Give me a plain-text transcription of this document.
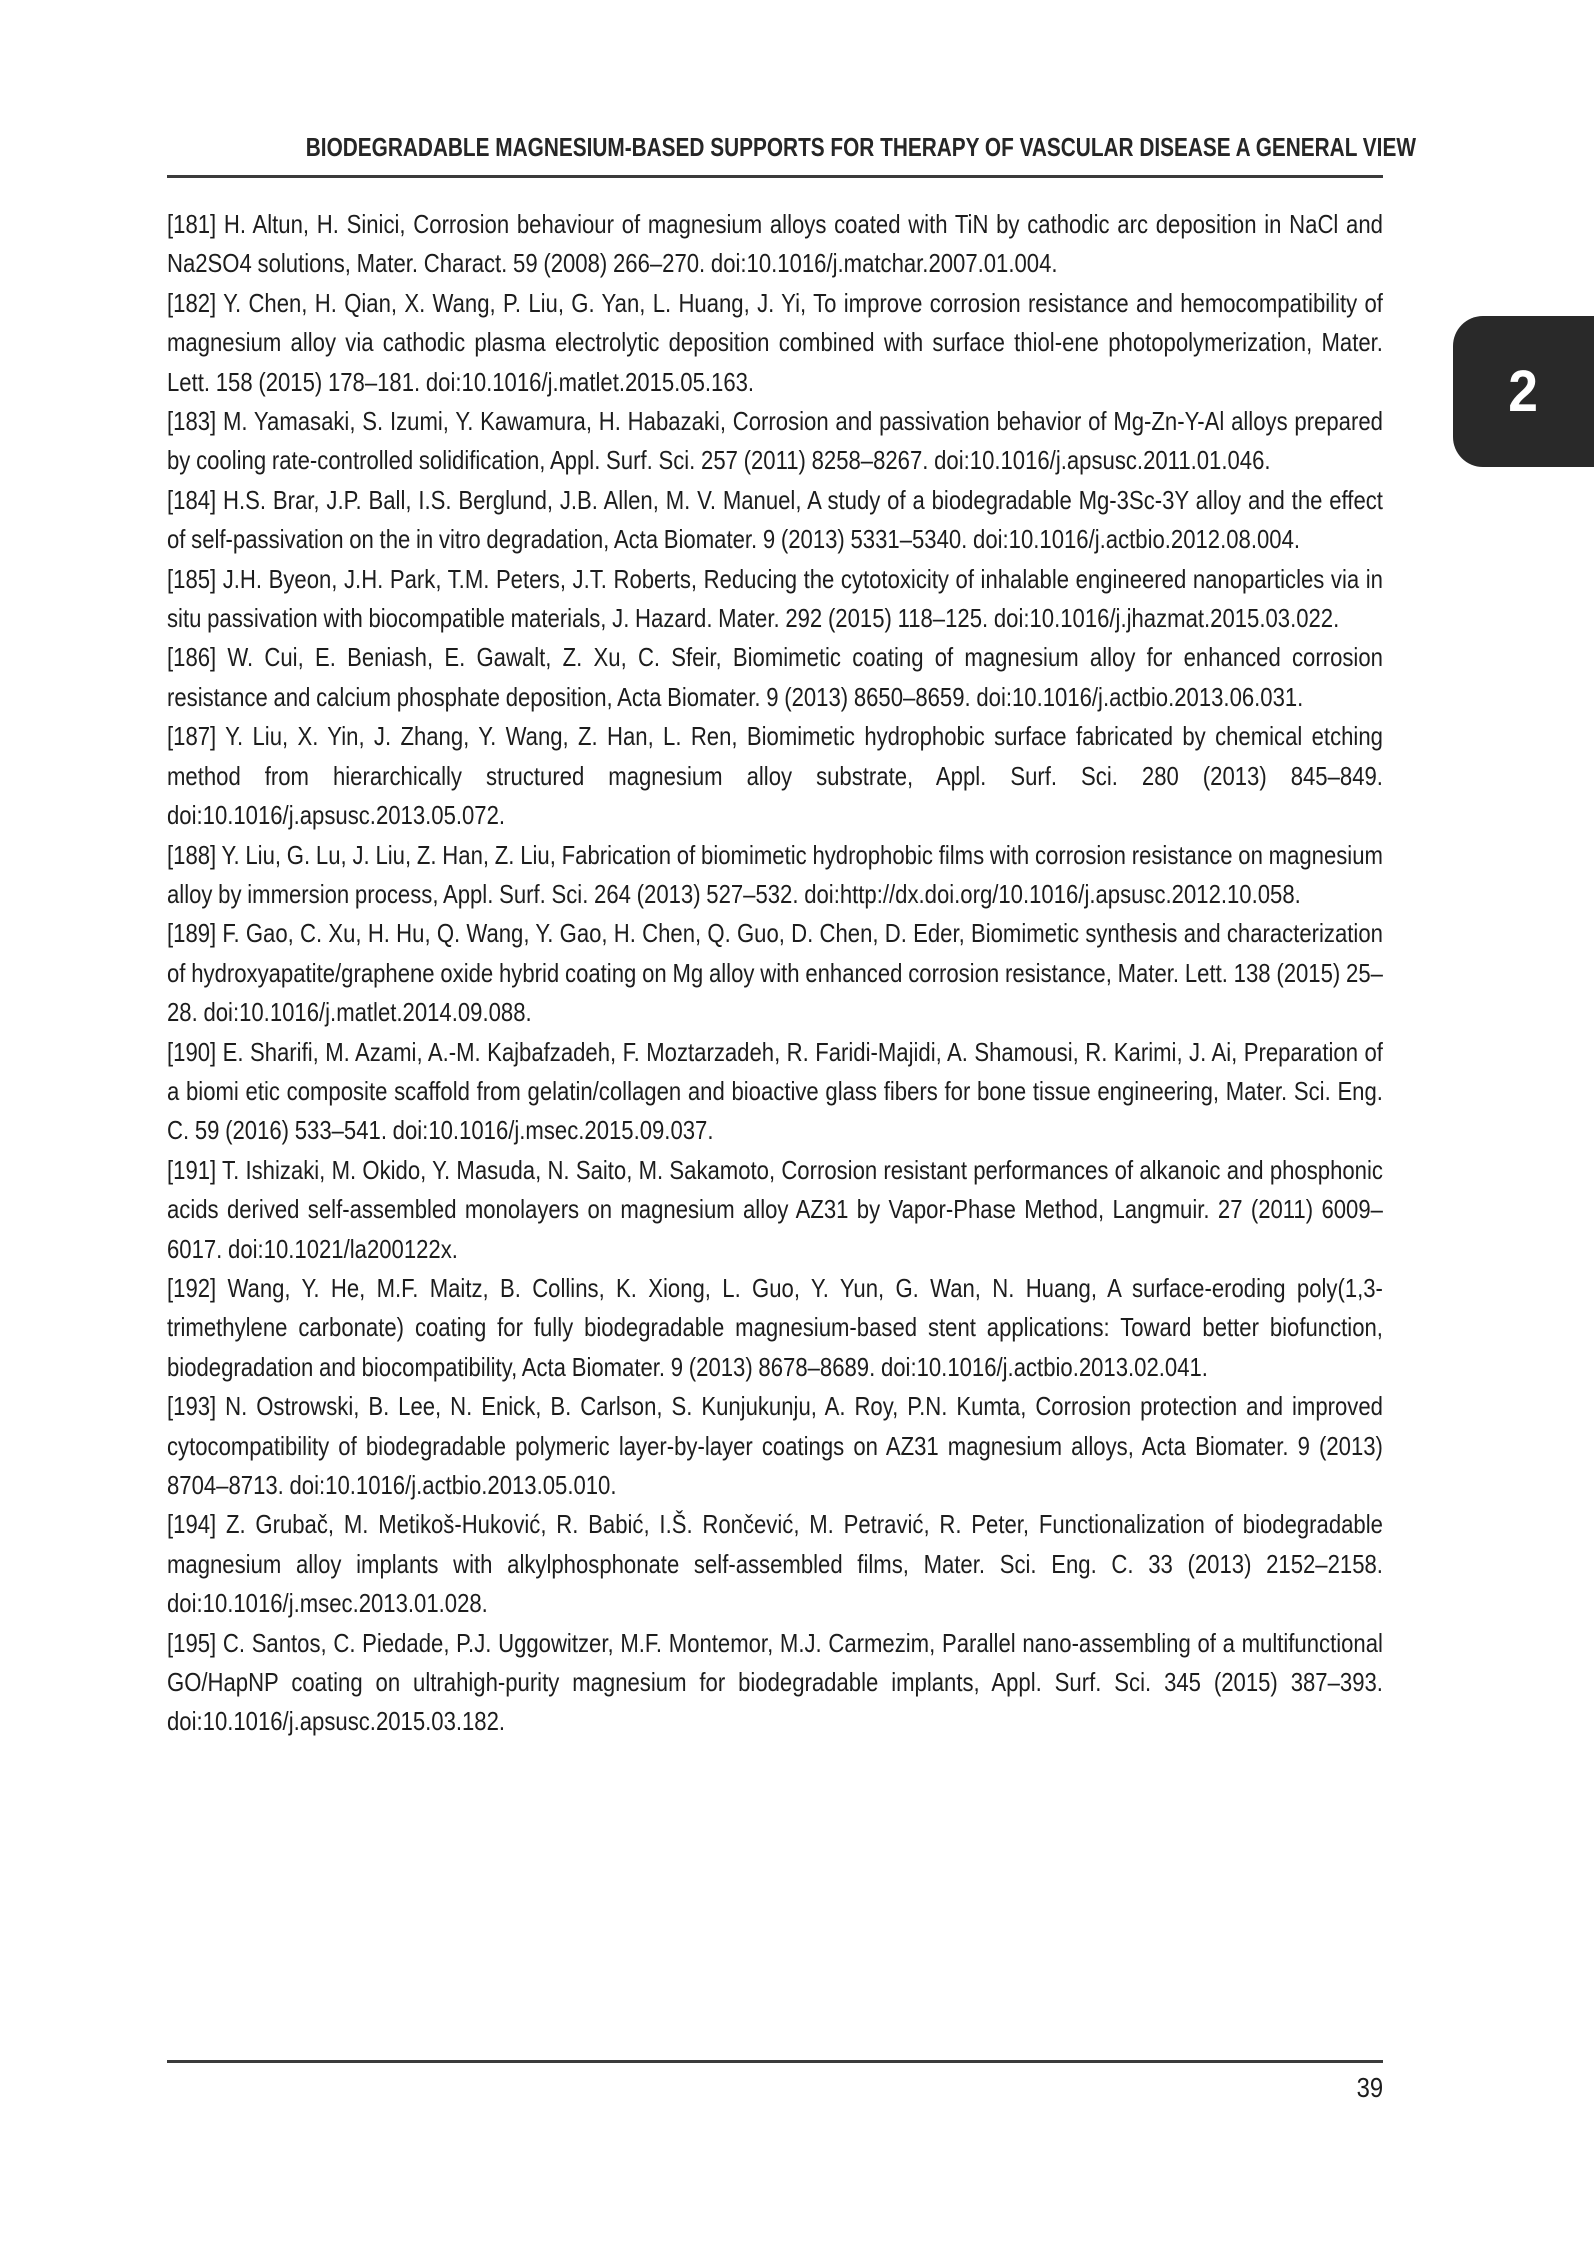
BIODEGRADABLE MAGNESIUM-BASED SUPPORTS FOR THERAPY OF VASCULAR DISEASE A GENERAL VIEW

[181] H. Altun, H. Sinici, Corrosion behaviour of magnesium alloys coated with TiN by cathodic arc deposition in NaCl and Na2SO4 solutions, Mater. Charact. 59 (2008) 266–270. doi:10.1016/j.matchar.2007.01.004.

[182] Y. Chen, H. Qian, X. Wang, P. Liu, G. Yan, L. Huang, J. Yi, To improve corrosion resistance and hemocompatibility of magnesium alloy via cathodic plasma electrolytic deposition combined with surface thiol-ene photopolymerization, Mater. Lett. 158 (2015) 178–181. doi:10.1016/j.matlet.2015.05.163.

[183] M. Yamasaki, S. Izumi, Y. Kawamura, H. Habazaki, Corrosion and passivation behavior of Mg-Zn-Y-Al alloys prepared by cooling rate-controlled solidification, Appl. Surf. Sci. 257 (2011) 8258–8267. doi:10.1016/j.apsusc.2011.01.046.

[184] H.S. Brar, J.P. Ball, I.S. Berglund, J.B. Allen, M. V. Manuel, A study of a biodegradable Mg-3Sc-3Y alloy and the effect of self-passivation on the in vitro degradation, Acta Biomater. 9 (2013) 5331–5340. doi:10.1016/j.actbio.2012.08.004.

[185] J.H. Byeon, J.H. Park, T.M. Peters, J.T. Roberts, Reducing the cytotoxicity of inhalable engineered nanoparticles via in situ passivation with biocompatible materials, J. Hazard. Mater. 292 (2015) 118–125. doi:10.1016/j.jhazmat.2015.03.022.

[186] W. Cui, E. Beniash, E. Gawalt, Z. Xu, C. Sfeir, Biomimetic coating of magnesium alloy for enhanced corrosion resistance and calcium phosphate deposition, Acta Biomater. 9 (2013) 8650–8659. doi:10.1016/j.actbio.2013.06.031.

[187] Y. Liu, X. Yin, J. Zhang, Y. Wang, Z. Han, L. Ren, Biomimetic hydrophobic surface fabricated by chemical etching method from hierarchically structured magnesium alloy substrate, Appl. Surf. Sci. 280 (2013) 845–849. doi:10.1016/j.apsusc.2013.05.072.

[188] Y. Liu, G. Lu, J. Liu, Z. Han, Z. Liu, Fabrication of biomimetic hydrophobic films with corrosion resistance on magnesium alloy by immersion process, Appl. Surf. Sci. 264 (2013) 527–532. doi:http://dx.doi.org/10.1016/j.apsusc.2012.10.058.

[189] F. Gao, C. Xu, H. Hu, Q. Wang, Y. Gao, H. Chen, Q. Guo, D. Chen, D. Eder, Biomimetic synthesis and characterization of hydroxyapatite/graphene oxide hybrid coating on Mg alloy with enhanced corrosion resistance, Mater. Lett. 138 (2015) 25–28. doi:10.1016/j.matlet.2014.09.088.

[190] E. Sharifi, M. Azami, A.-M. Kajbafzadeh, F. Moztarzadeh, R. Faridi-Majidi, A. Shamousi, R. Karimi, J. Ai, Preparation of a biomi etic composite scaffold from gelatin/collagen and bioactive glass fibers for bone tissue engineering, Mater. Sci. Eng. C. 59 (2016) 533–541. doi:10.1016/j.msec.2015.09.037.

[191] T. Ishizaki, M. Okido, Y. Masuda, N. Saito, M. Sakamoto, Corrosion resistant performances of alkanoic and phosphonic acids derived self-assembled monolayers on magnesium alloy AZ31 by Vapor-Phase Method, Langmuir. 27 (2011) 6009–6017. doi:10.1021/la200122x.

[192] Wang, Y. He, M.F. Maitz, B. Collins, K. Xiong, L. Guo, Y. Yun, G. Wan, N. Huang, A surface-eroding poly(1,3-trimethylene carbonate) coating for fully biodegradable magnesium-based stent applications: Toward better biofunction, biodegradation and biocompatibility, Acta Biomater. 9 (2013) 8678–8689. doi:10.1016/j.actbio.2013.02.041.

[193] N. Ostrowski, B. Lee, N. Enick, B. Carlson, S. Kunjukunju, A. Roy, P.N. Kumta, Corrosion protection and improved cytocompatibility of biodegradable polymeric layer-by-layer coatings on AZ31 magnesium alloys, Acta Biomater. 9 (2013) 8704–8713. doi:10.1016/j.actbio.2013.05.010.

[194] Z. Grubač, M. Metikoš-Huković, R. Babić, I.Š. Rončević, M. Petravić, R. Peter, Functionalization of biodegradable magnesium alloy implants with alkylphosphonate self-assembled films, Mater. Sci. Eng. C. 33 (2013) 2152–2158. doi:10.1016/j.msec.2013.01.028.

[195] C. Santos, C. Piedade, P.J. Uggowitzer, M.F. Montemor, M.J. Carmezim, Parallel nano-assembling of a multifunctional GO/HapNP coating on ultrahigh-purity magnesium for biodegradable implants, Appl. Surf. Sci. 345 (2015) 387–393. doi:10.1016/j.apsusc.2015.03.182.

2
39
